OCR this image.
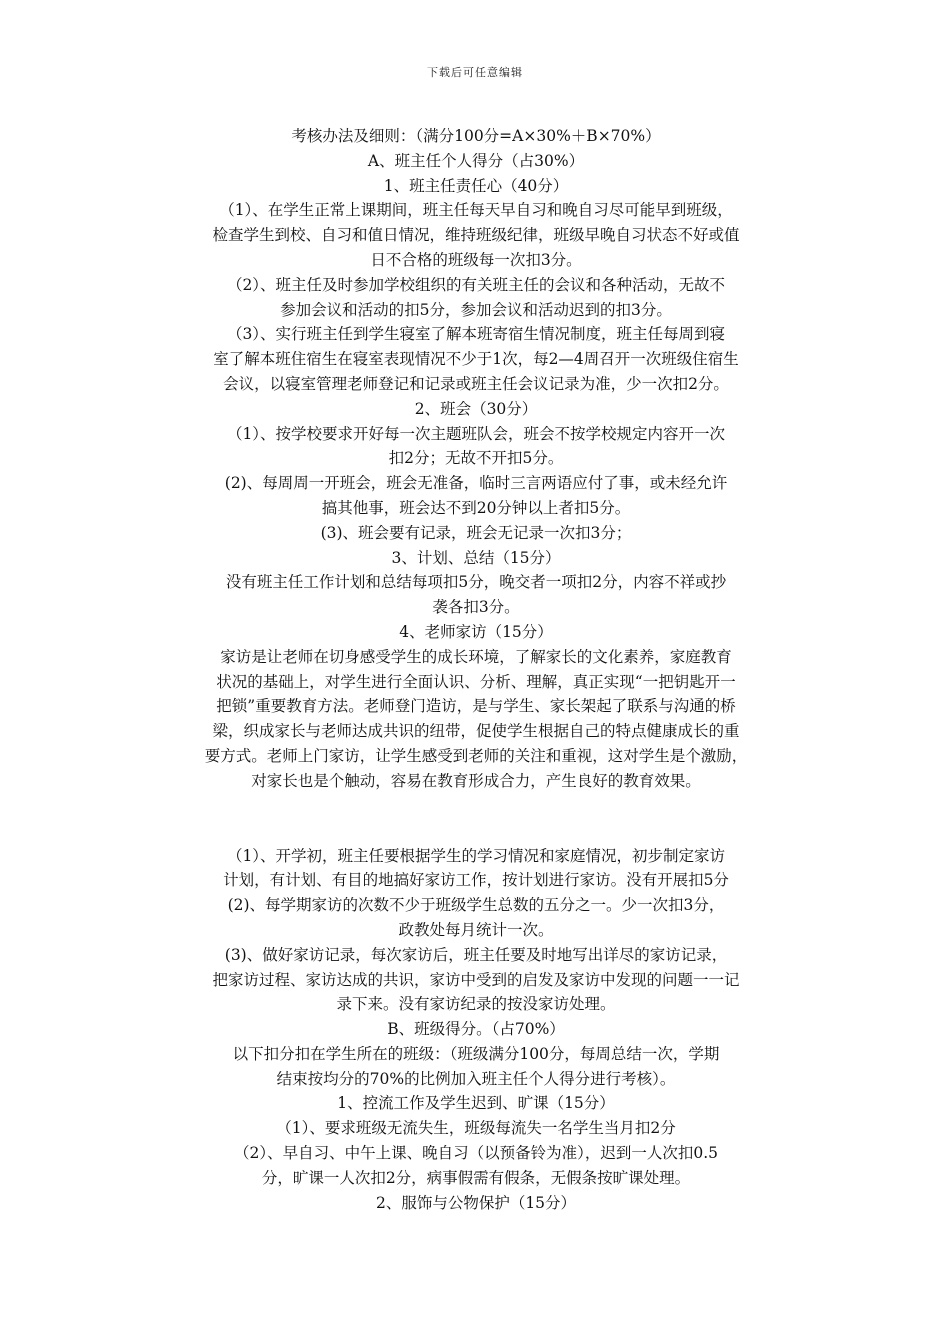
下载后可任意编辑

考核办法及细则：（满分100分=A×30%＋B×70%）

A、班主任个人得分（占30%）

1、班主任责任心（40分）

（1）、在学生正常上课期间，班主任每天早自习和晚自习尽可能早到班级，

检查学生到校、自习和值日情况，维持班级纪律，班级早晚自习状态不好或值

日不合格的班级每一次扣3分。

（2）、班主任及时参加学校组织的有关班主任的会议和各种活动，无故不

参加会议和活动的扣5分，参加会议和活动迟到的扣3分。

（3）、实行班主任到学生寝室了解本班寄宿生情况制度，班主任每周到寝

室了解本班住宿生在寝室表现情况不少于1次，每2—4周召开一次班级住宿生

会议，以寝室管理老师登记和记录或班主任会议记录为准，少一次扣2分。

2、班会（30分）

（1）、按学校要求开好每一次主题班队会，班会不按学校规定内容开一次

扣2分；无故不开扣5分。

(2)、每周周一开班会，班会无准备，临时三言两语应付了事，或未经允许

搞其他事，班会达不到20分钟以上者扣5分。

(3)、班会要有记录，班会无记录一次扣3分；

3、计划、总结（15分）

没有班主任工作计划和总结每项扣5分，晚交者一项扣2分，内容不祥或抄

袭各扣3分。

4、老师家访（15分）

家访是让老师在切身感受学生的成长环境，了解家长的文化素养，家庭教育

状况的基础上，对学生进行全面认识、分析、理解，真正实现“一把钥匙开一

把锁”重要教育方法。老师登门造访，是与学生、家长架起了联系与沟通的桥

梁，织成家长与老师达成共识的纽带，促使学生根据自己的特点健康成长的重

要方式。老师上门家访，让学生感受到老师的关注和重视，这对学生是个激励，

对家长也是个触动，容易在教育形成合力，产生良好的教育效果。

（1）、开学初，班主任要根据学生的学习情况和家庭情况，初步制定家访

计划，有计划、有目的地搞好家访工作，按计划进行家访。没有开展扣5分

(2)、每学期家访的次数不少于班级学生总数的五分之一。少一次扣3分，

政教处每月统计一次。

(3)、做好家访记录，每次家访后，班主任要及时地写出详尽的家访记录，

把家访过程、家访达成的共识，家访中受到的启发及家访中发现的问题一一记

录下来。没有家访纪录的按没家访处理。

B、班级得分。（占70%）

以下扣分扣在学生所在的班级：（班级满分100分，每周总结一次，学期

结束按均分的70%的比例加入班主任个人得分进行考核）。

1、控流工作及学生迟到、旷课（15分）

（1）、要求班级无流失生，班级每流失一名学生当月扣2分

（2）、早自习、中午上课、晚自习（以预备铃为准），迟到一人次扣0.5

分，旷课一人次扣2分，病事假需有假条，无假条按旷课处理。

2、服饰与公物保护（15分）
